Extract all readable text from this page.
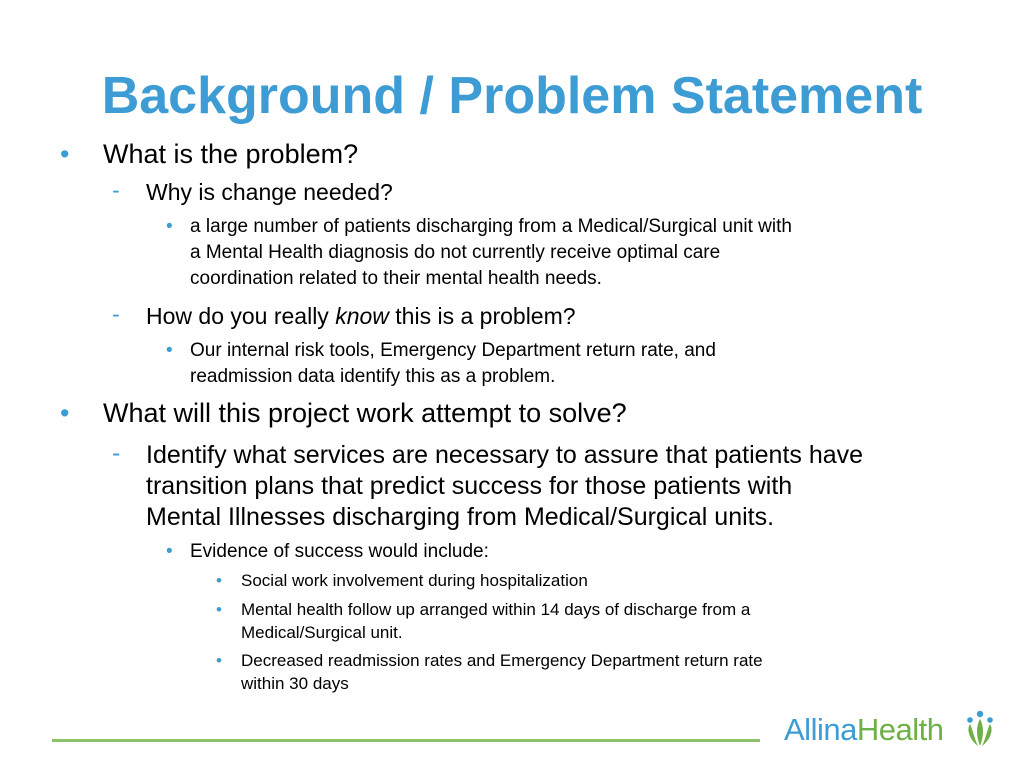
Background / Problem Statement
• What is the problem?
- Why is change needed?
• a large number of patients discharging from a Medical/Surgical unit with
a Mental Health diagnosis do not currently receive optimal care
coordination related to their mental health needs.
- How do you really know this is a problem?
• Our internal risk tools, Emergency Department return rate, and
readmission data identify this as a problem.
• What will this project work attempt to solve?
- Identify what services are necessary to assure that patients have
transition plans that predict success for those patients with
Mental Illnesses discharging from Medical/Surgical units.
• Evidence of success would include:
• Social work involvement during hospitalization
• Mental health follow up arranged within 14 days of discharge from a
Medical/Surgical unit.
• Decreased readmission rates and Emergency Department return rate
within 30 days
AllinaHealth
